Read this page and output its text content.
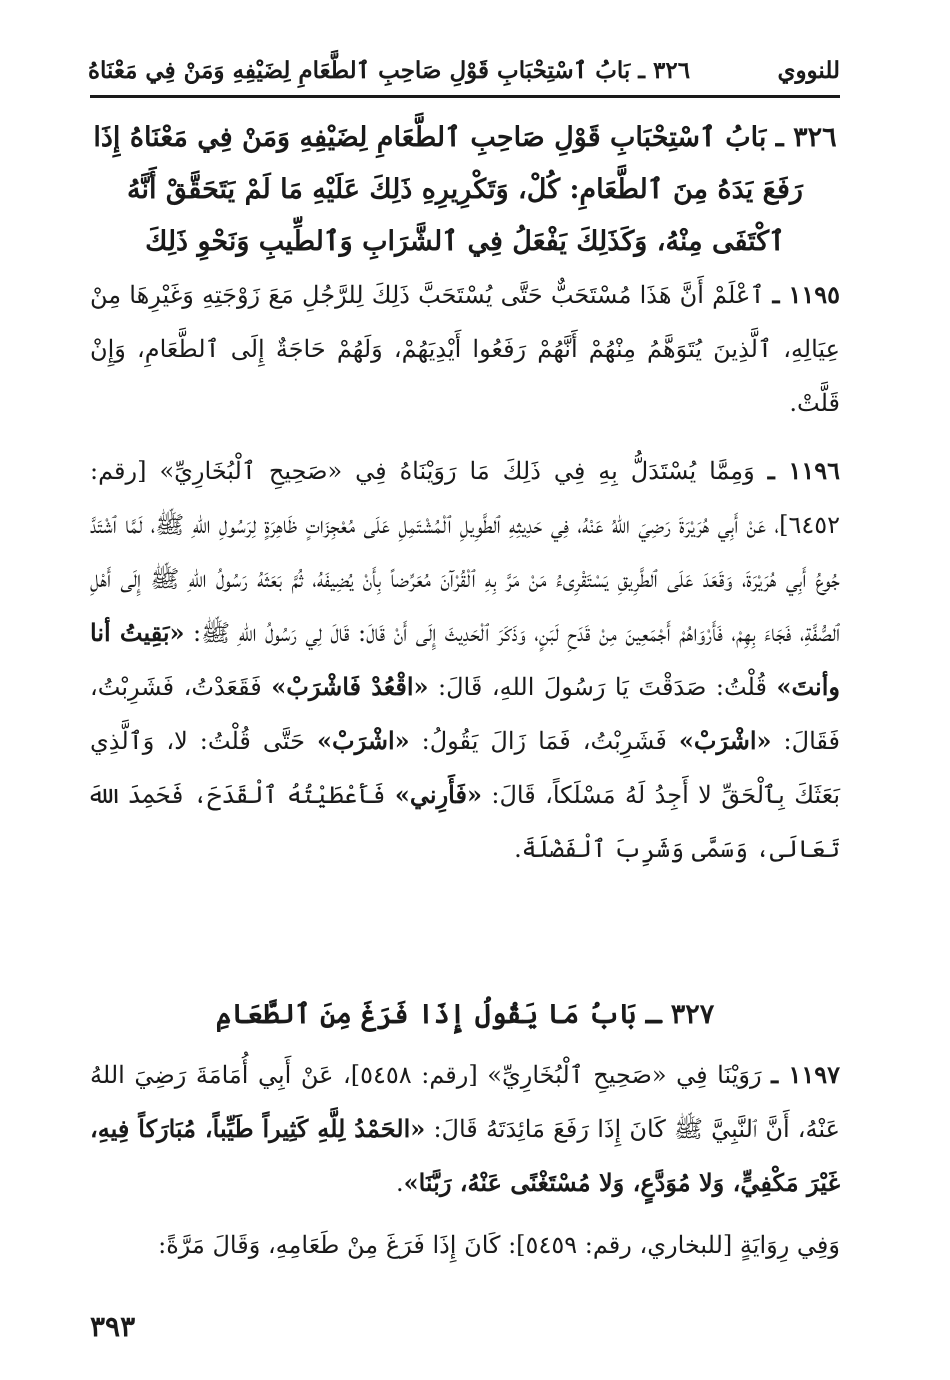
للنووي
٣٢٦ ـ بَابُ ٱسْتِحْبَابِ قَوْلِ صَاحِبِ ٱلطَّعَامِ لِضَيْفِهِ وَمَنْ فِي مَعْنَاهُ
٣٢٦ ـ بَابُ ٱسْتِحْبَابِ قَوْلِ صَاحِبِ ٱلطَّعَامِ لِضَيْفِهِ وَمَنْ فِي مَعْنَاهُ إِذَا رَفَعَ يَدَهُ مِنَ ٱلطَّعَامِ: كُلْ، وَتَكْرِيرِهِ ذَلِكَ عَلَيْهِ مَا لَمْ يَتَحَقَّقْ أَنَّهُ ٱكْتَفَى مِنْهُ، وَكَذَلِكَ يَفْعَلُ فِي ٱلشَّرَابِ وَٱلطِّيبِ وَنَحْوِ ذَلِكَ
١١٩٥ ـ ٱعْلَمْ أَنَّ هَذَا مُسْتَحَبٌّ حَتَّى يُسْتَحَبَّ ذَلِكَ لِلرَّجُلِ مَعَ زَوْجَتِهِ وَغَيْرِهَا مِنْ عِيَالِهِ، ٱلَّذِينَ يُتَوَهَّمُ مِنْهُمْ أَنَّهُمْ رَفَعُوا أَيْدِيَهُمْ، وَلَهُمْ حَاجَةٌ إِلَى ٱلطَّعَامِ، وَإِنْ قَلَّتْ.
١١٩٦ ـ وَمِمَّا يُسْتَدَلُّ بِهِ فِي ذَلِكَ مَا رَوَيْنَاهُ فِي «صَحِيحِ ٱلْبُخَارِيِّ» [رقم: ٦٤٥٢]، عَنْ أَبِي هُرَيْرَةَ رَضِيَ اللهُ عَنْهُ، فِي حَدِيثِهِ ٱلطَّوِيلِ ٱلْمُشْتَمِلِ عَلَى مُعْجِزَاتٍ ظَاهِرَةٍ لِرَسُولِ اللهِ ﷺ، لَمَّا ٱشْتَدَّ جُوعُ أَبِي هُرَيْرَةَ، وَقَعَدَ عَلَى ٱلطَّرِيقِ يَسْتَقْرِىءُ مَنْ مَرَّ بِهِ ٱلْقُرْآنَ مُعَرِّضاً بِأَنْ يُضِيفَهُ، ثُمَّ بَعَثَهُ رَسُولُ اللهِ ﷺ إِلَى أَهْلِ ٱلصُّفَّةِ، فَجَاءَ بِهِمْ، فَأَرْوَاهُمْ أَجْمَعِينَ مِنْ قَدَحِ لَبَنٍ، وَذَكَرَ ٱلْحَدِيثَ إِلَى أَنْ قَالَ: قَالَ لِي رَسُولُ اللهِ ﷺ: «بَقِيتُ أنا وأنتَ» قُلْتُ: صَدَقْتَ يَا رَسُولَ اللهِ، قَالَ: «اقْعُدْ فَاشْرَبْ» فَقَعَدْتُ، فَشَرِبْتُ، فَقَالَ: «اشْرَبْ» فَشَرِبْتُ، فَمَا زَالَ يَقُولُ: «اشْرَبْ» حَتَّى قُلْتُ: لا، وَٱلَّذِي بَعَثَكَ بِٱلْحَقِّ لا أَجِدُ لَهُ مَسْلَكاً، قَالَ: «فَأَرِني» فَأَعْطَيْتُهُ ٱلْقَدَحَ، فَحَمِدَ اللهَ تَعَالَى، وَسَمَّى وَشَرِبَ ٱلْفَضْلَةَ.
٣٢٧ ـ بَابُ مَا يَقُولُ إِذَا فَرَغَ مِنَ ٱلطَّعَامِ
١١٩٧ ـ رَوَيْنَا فِي «صَحِيحِ ٱلْبُخَارِيِّ» [رقم: ٥٤٥٨]، عَنْ أَبِي أُمَامَةَ رَضِيَ اللهُ عَنْهُ، أَنَّ ٱلنَّبِيَّ ﷺ كَانَ إِذَا رَفَعَ مَائِدَتَهُ قَالَ: «الحَمْدُ لِلَّهِ كَثِيراً طَيِّباً، مُبَارَكاً فِيهِ، غَيْرَ مَكْفِيٍّ، وَلا مُوَدَّعٍ، وَلا مُسْتَغْنًى عَنْهُ، رَبَّنَا».
وَفِي رِوَايَةٍ [للبخاري، رقم: ٥٤٥٩]: كَانَ إِذَا فَرَغَ مِنْ طَعَامِهِ، وَقَالَ مَرَّةً:
٣٩٣
